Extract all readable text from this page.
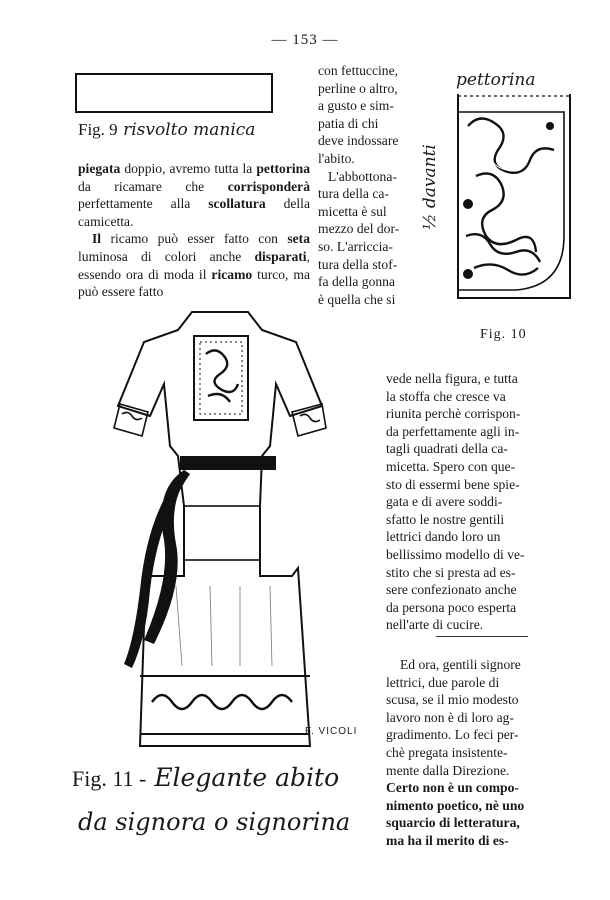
— 153 —
Fig. 9 risvolto manica

piegata doppio, avremo tutta la pettorina da ricamare che corrisponderà perfettamente alla scollatura della camicetta.

Il ricamo può esser fatto con seta luminosa di colori anche disparati, essendo ora di moda il ricamo turco, ma può essere fatto

con fettuccine,
perline o altro,
a gusto e sim-
patia di chi
deve indossare
l'abito.
L'abbottona-
tura della ca-
micetta è sul
mezzo del dor-
so. L'arriccia-
tura della stof-
fa della gonna
è quella che si
pettorina
½ davanti
Fig. 10
F. VICOLI
Fig. 11 - Elegante abito
da signora o signorina
vede nella figura, e tutta
la stoffa che cresce va
riunita perchè corrispon-
da perfettamente agli in-
tagli quadrati della ca-
micetta. Spero con que-
sto di essermi bene spie-
gata e di avere soddi-
sfatto le nostre gentili
lettrici dando loro un
bellissimo modello di ve-
stito che si presta ad es-
sere confezionato anche
da persona poco esperta
nell'arte di cucire.
Ed ora, gentili signore
lettrici, due parole di
scusa, se il mio modesto
lavoro non è di loro ag-
gradimento. Lo feci per-
chè pregata insistente-
mente dalla Direzione.
Certo non è un compo-
nimento poetico, nè uno
squarcio di letteratura,
ma ha il merito di es-
